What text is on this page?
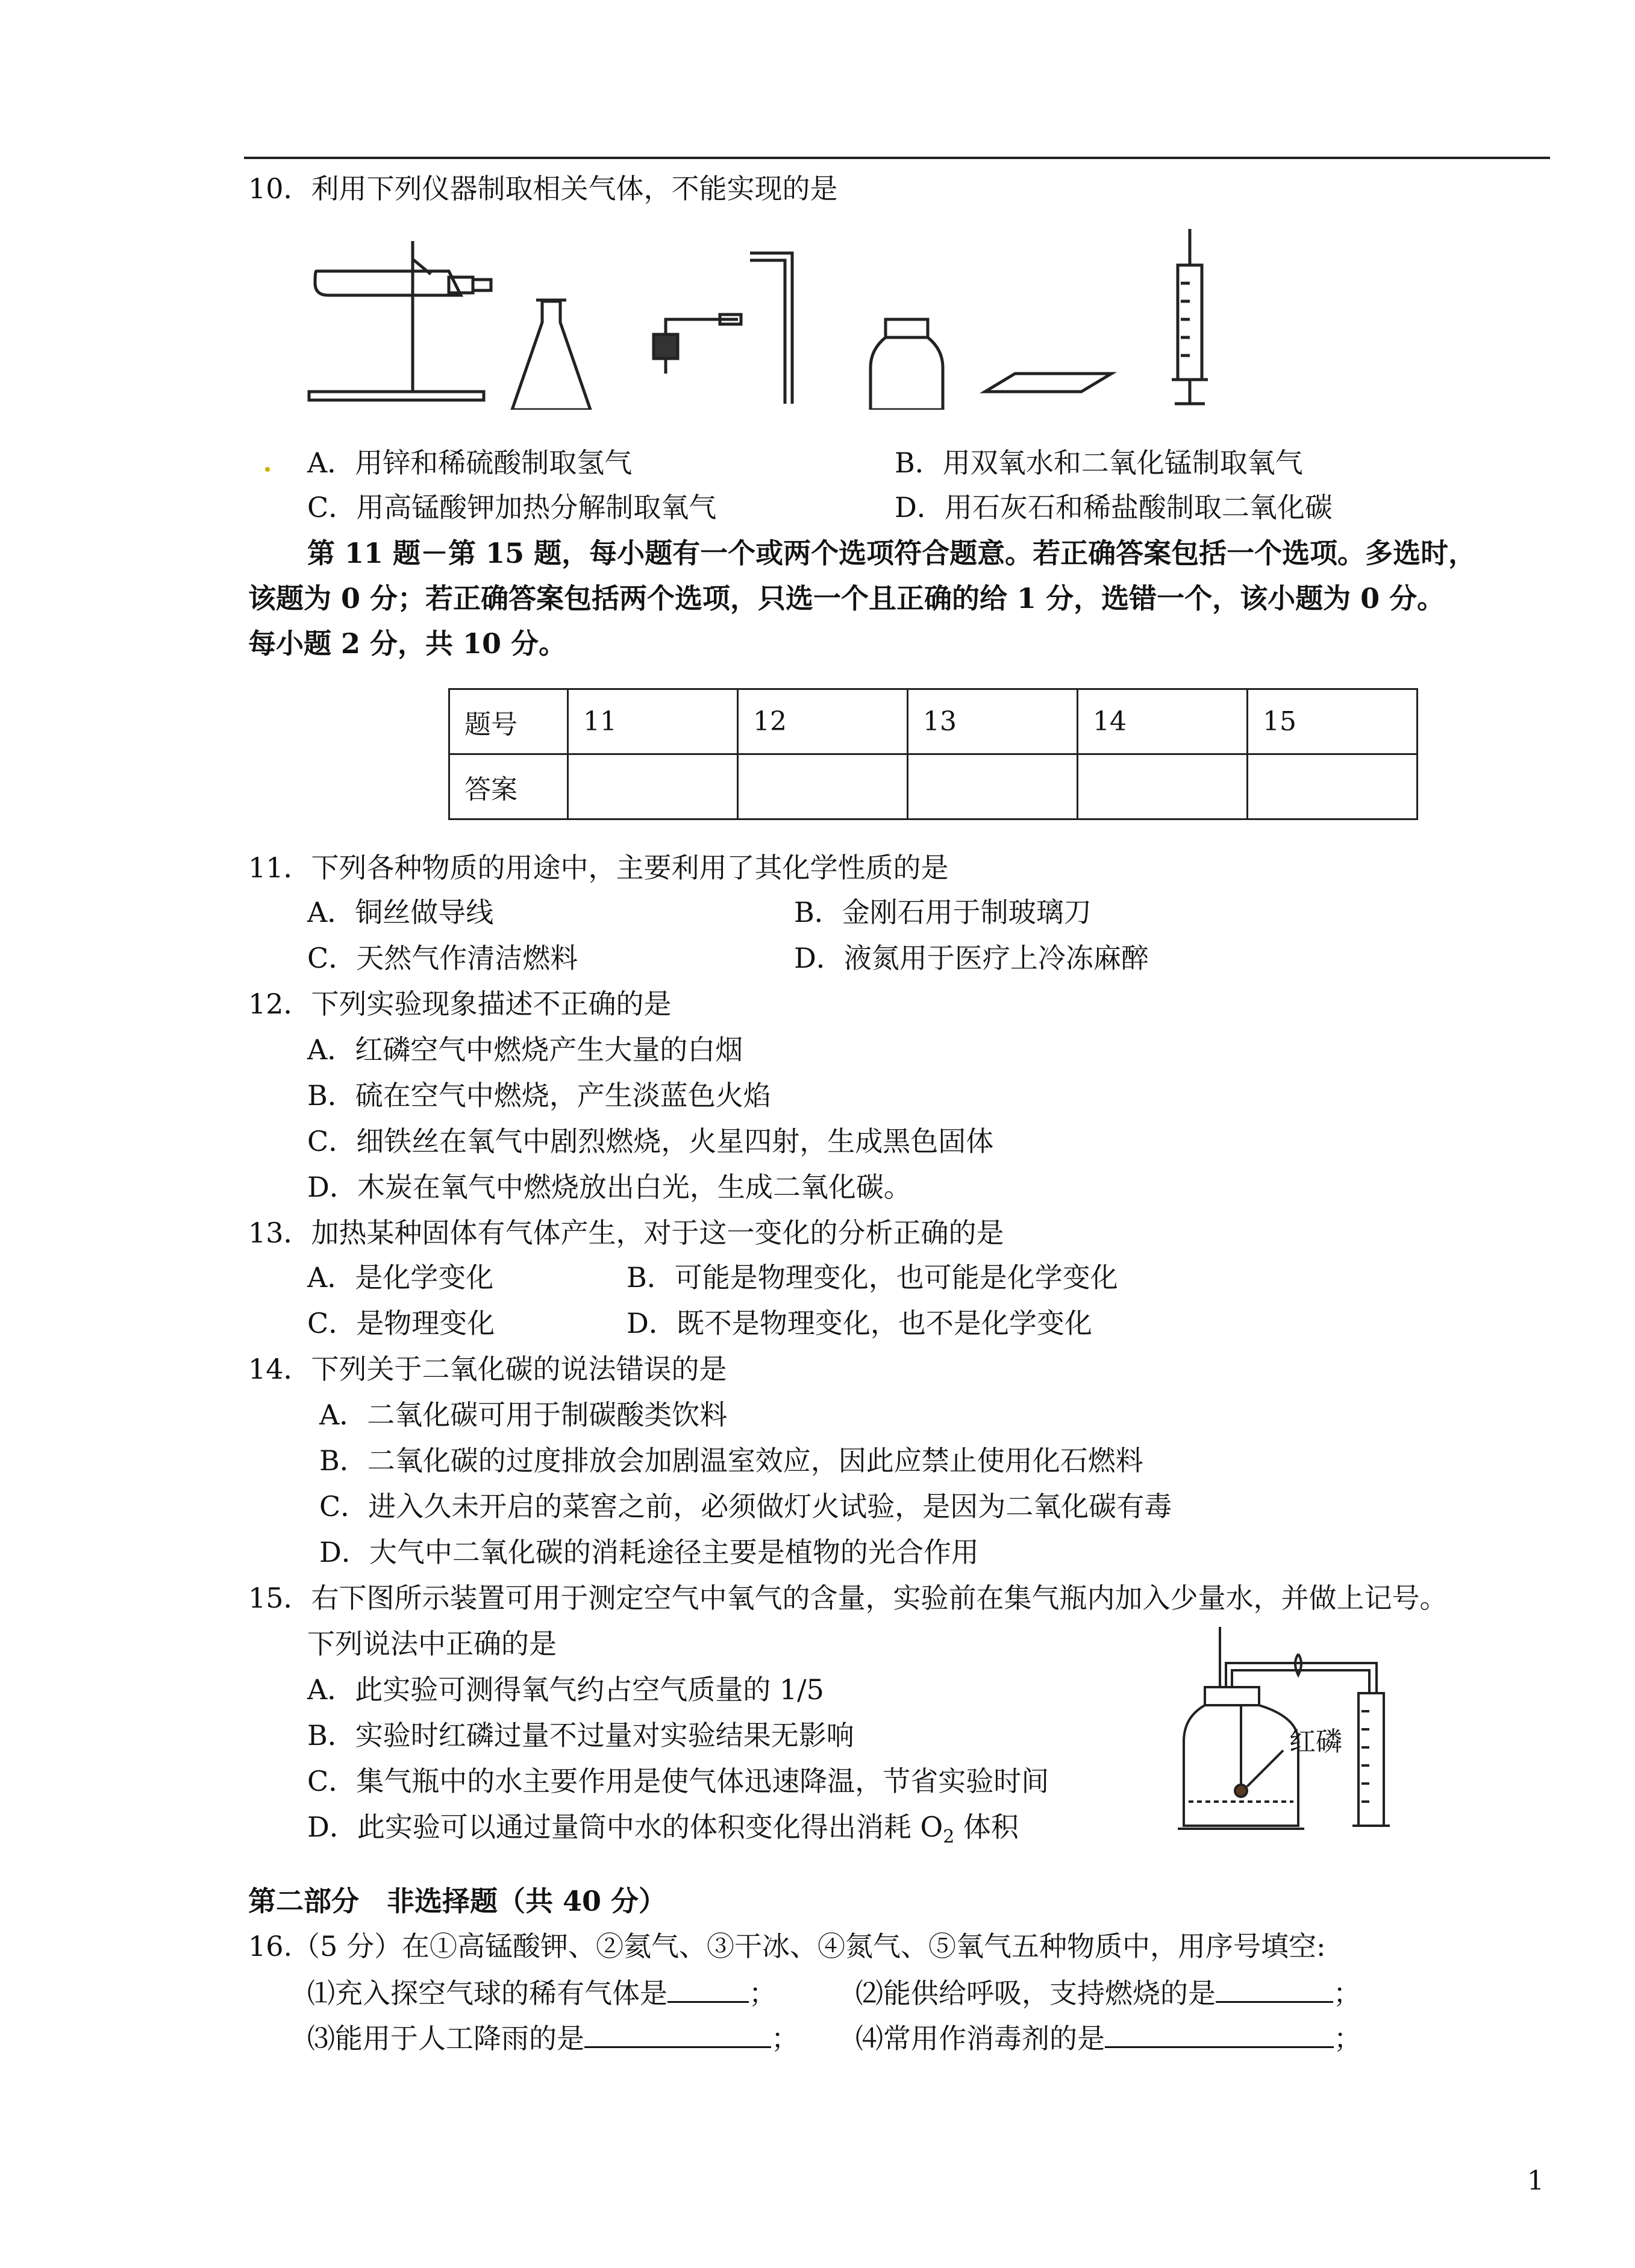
10．利用下列仪器制取相关气体，不能实现的是
A．用锌和稀硫酸制取氢气	B．用双氧水和二氧化锰制取氧气
C．用高锰酸钾加热分解制取氧气	D．用石灰石和稀盐酸制取二氧化碳
第 11 题－第 15 题，每小题有一个或两个选项符合题意。若正确答案包括一个选项。多选时，
该题为 0 分；若正确答案包括两个选项，只选一个且正确的给 1 分，选错一个，该小题为 0 分。
每小题 2 分，共 10 分。
题号	11	12	13	14	15
答案					
11．下列各种物质的用途中，主要利用了其化学性质的是
A．铜丝做导线	B．金刚石用于制玻璃刀
C．天然气作清洁燃料	D．液氮用于医疗上冷冻麻醉
12．下列实验现象描述不正确的是
A．红磷空气中燃烧产生大量的白烟
B．硫在空气中燃烧，产生淡蓝色火焰
C．细铁丝在氧气中剧烈燃烧，火星四射，生成黑色固体
D．木炭在氧气中燃烧放出白光，生成二氧化碳。
13．加热某种固体有气体产生，对于这一变化的分析正确的是
A．是化学变化	B．可能是物理变化，也可能是化学变化
C．是物理变化	D．既不是物理变化，也不是化学变化
14．下列关于二氧化碳的说法错误的是
A．二氧化碳可用于制碳酸类饮料
B．二氧化碳的过度排放会加剧温室效应，因此应禁止使用化石燃料
C．进入久未开启的菜窖之前，必须做灯火试验，是因为二氧化碳有毒
D．大气中二氧化碳的消耗途径主要是植物的光合作用
15．右下图所示装置可用于测定空气中氧气的含量，实验前在集气瓶内加入少量水，并做上记号。
下列说法中正确的是
A．此实验可测得氧气约占空气质量的 1/5
B．实验时红磷过量不过量对实验结果无影响
C．集气瓶中的水主要作用是使气体迅速降温，节省实验时间
D．此实验可以通过量筒中水的体积变化得出消耗 $O_2$ 体积
红磷
第二部分　非选择题（共 40 分）
16.（5 分）在①高锰酸钾、②氦气、③干冰、④氮气、⑤氧气五种物质中，用序号填空:
⑴充入探空气球的稀有气体是	；	⑵能供给呼吸，支持燃烧的是	；
⑶能用于人工降雨的是	； ⑷常用作消毒剂的是	；
1
